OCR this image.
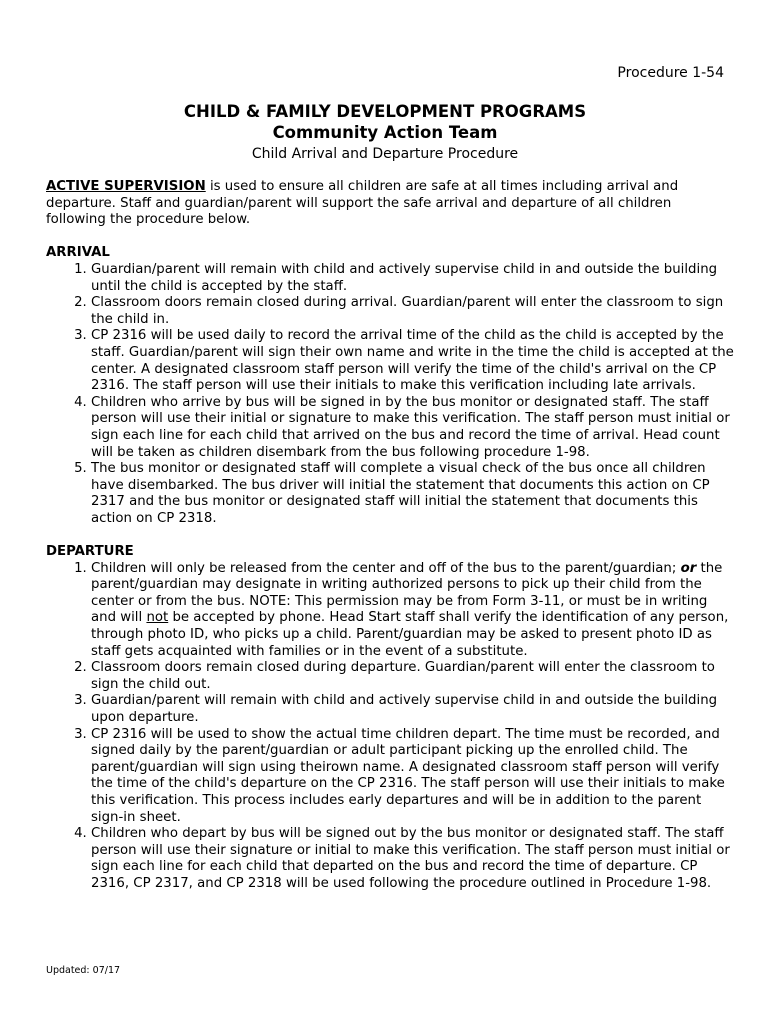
Procedure 1-54
CHILD & FAMILY DEVELOPMENT PROGRAMS
Community Action Team
Child Arrival and Departure Procedure

ACTIVE SUPERVISION is used to ensure all children are safe at all times including arrival and departure. Staff and guardian/parent will support the safe arrival and departure of all children following the procedure below.

ARRIVAL
1. Guardian/parent will remain with child and actively supervise child in and outside the building until the child is accepted by the staff.
2. Classroom doors remain closed during arrival. Guardian/parent will enter the classroom to sign the child in.
3. CP 2316 will be used daily to record the arrival time of the child as the child is accepted by the staff. Guardian/parent will sign their own name and write in the time the child is accepted at the center. A designated classroom staff person will verify the time of the child's arrival on the CP 2316. The staff person will use their initials to make this verification including late arrivals.
4. Children who arrive by bus will be signed in by the bus monitor or designated staff. The staff person will use their initial or signature to make this verification. The staff person must initial or sign each line for each child that arrived on the bus and record the time of arrival. Head count will be taken as children disembark from the bus following procedure 1-98.
5. The bus monitor or designated staff will complete a visual check of the bus once all children have disembarked. The bus driver will initial the statement that documents this action on CP 2317 and the bus monitor or designated staff will initial the statement that documents this action on CP 2318.
DEPARTURE
1. Children will only be released from the center and off of the bus to the parent/guardian; or the parent/guardian may designate in writing authorized persons to pick up their child from the center or from the bus. NOTE: This permission may be from Form 3-11, or must be in writing and will not be accepted by phone. Head Start staff shall verify the identification of any person, through photo ID, who picks up a child. Parent/guardian may be asked to present photo ID as staff gets acquainted with families or in the event of a substitute.
2. Classroom doors remain closed during departure. Guardian/parent will enter the classroom to sign the child out.
3. Guardian/parent will remain with child and actively supervise child in and outside the building upon departure.
3. CP 2316 will be used to show the actual time children depart. The time must be recorded, and signed daily by the parent/guardian or adult participant picking up the enrolled child. The parent/guardian will sign using theirown name. A designated classroom staff person will verify the time of the child's departure on the CP 2316. The staff person will use their initials to make this verification. This process includes early departures and will be in addition to the parent sign-in sheet.
4. Children who depart by bus will be signed out by the bus monitor or designated staff. The staff person will use their signature or initial to make this verification. The staff person must initial or sign each line for each child that departed on the bus and record the time of departure. CP 2316, CP 2317, and CP 2318 will be used following the procedure outlined in Procedure 1-98.
Updated: 07/17
